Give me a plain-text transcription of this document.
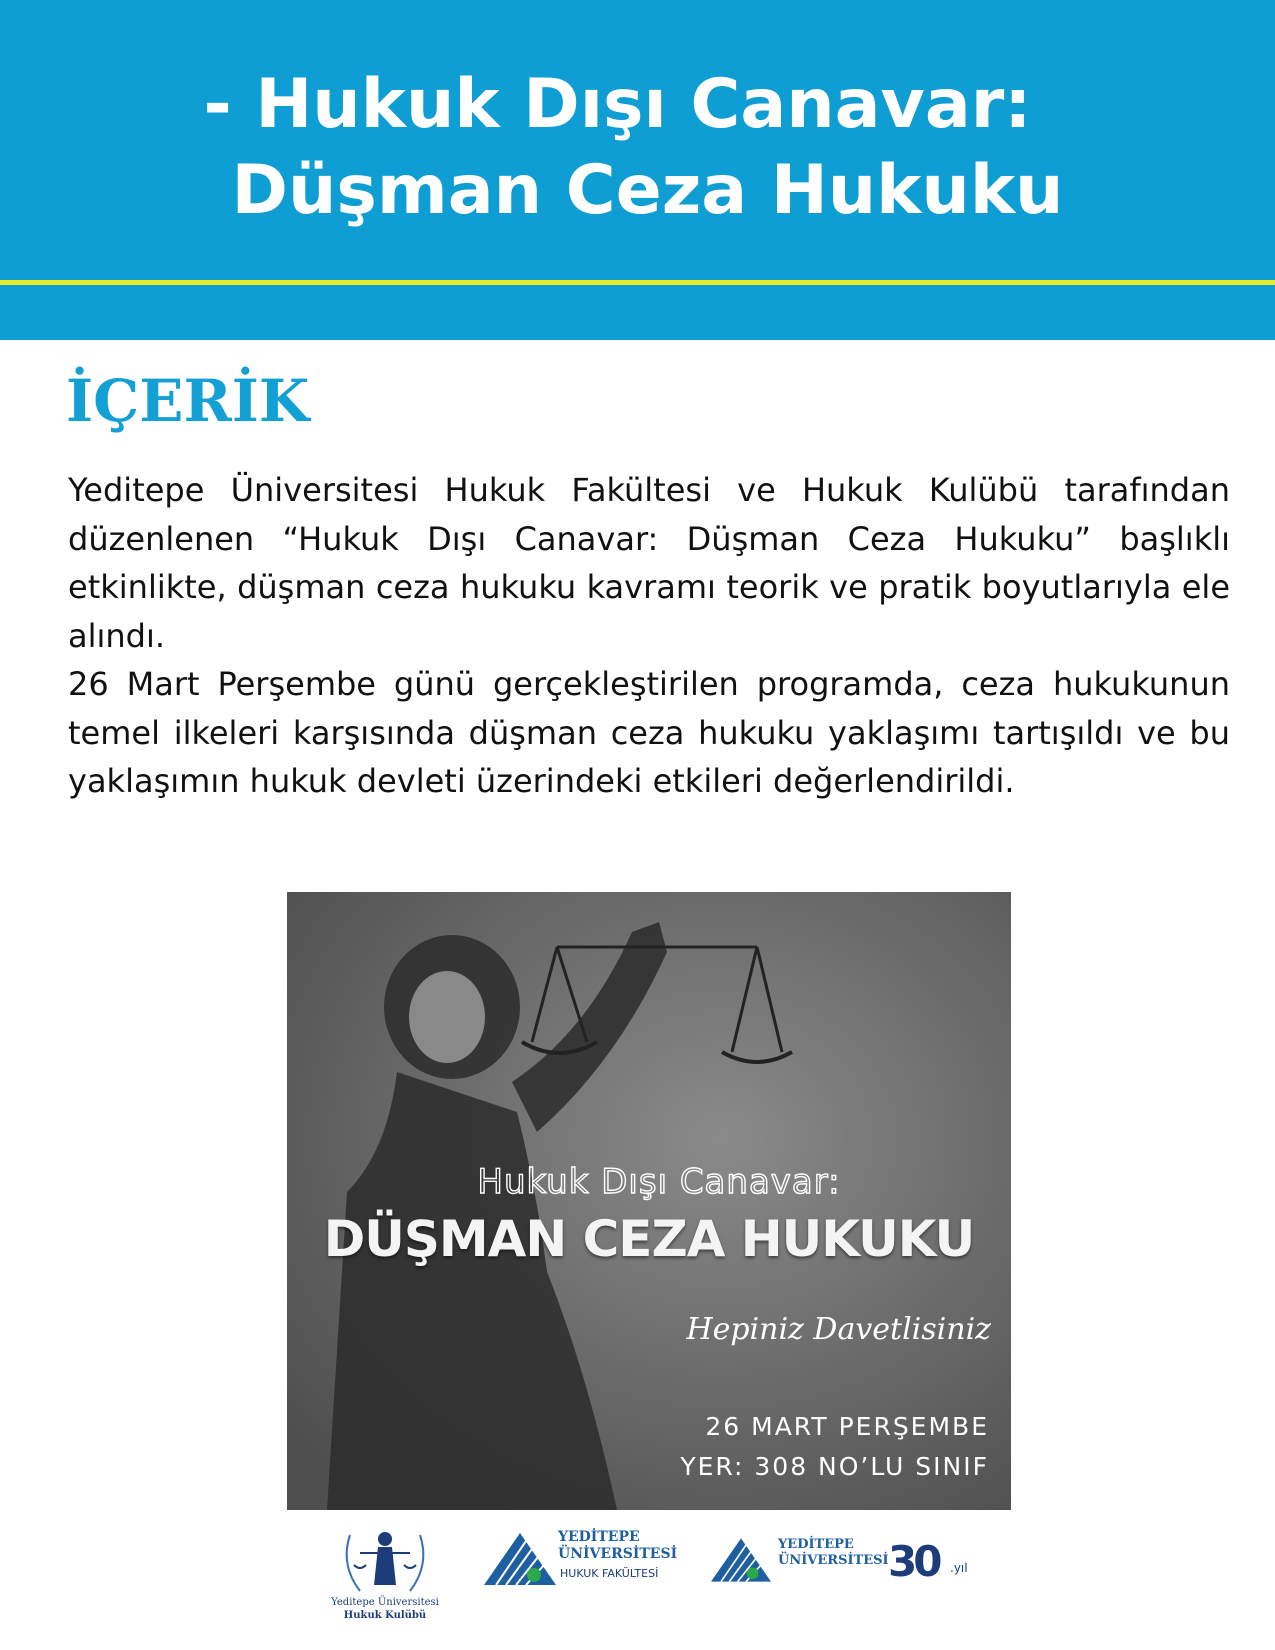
- Hukuk Dışı Canavar:
Düşman Ceza Hukuku
İÇERİK

Yeditepe Üniversitesi Hukuk Fakültesi ve Hukuk Kulübü tarafından düzenlenen “Hukuk Dışı Canavar: Düşman Ceza Hukuku” başlıklı etkinlikte, düşman ceza hukuku kavramı teorik ve pratik boyutlarıyla ele alındı.

26 Mart Perşembe günü gerçekleştirilen programda, ceza hukukunun temel ilkeleri karşısında düşman ceza hukuku yaklaşımı tartışıldı ve bu yaklaşımın hukuk devleti üzerindeki etkileri değerlendirildi.

Hukuk Dışı Canavar:
DÜŞMAN CEZA HUKUKU
Hepiniz Davetlisiniz
26 MART PERŞEMBE
YER: 308 NO’LU SINIF
Yeditepe Üniversitesi
Hukuk Kulübü
YEDİTEPE
ÜNİVERSİTESİ
HUKUK FAKÜLTESİ
YEDİTEPE
ÜNİVERSİTESİ 30 .yıl
